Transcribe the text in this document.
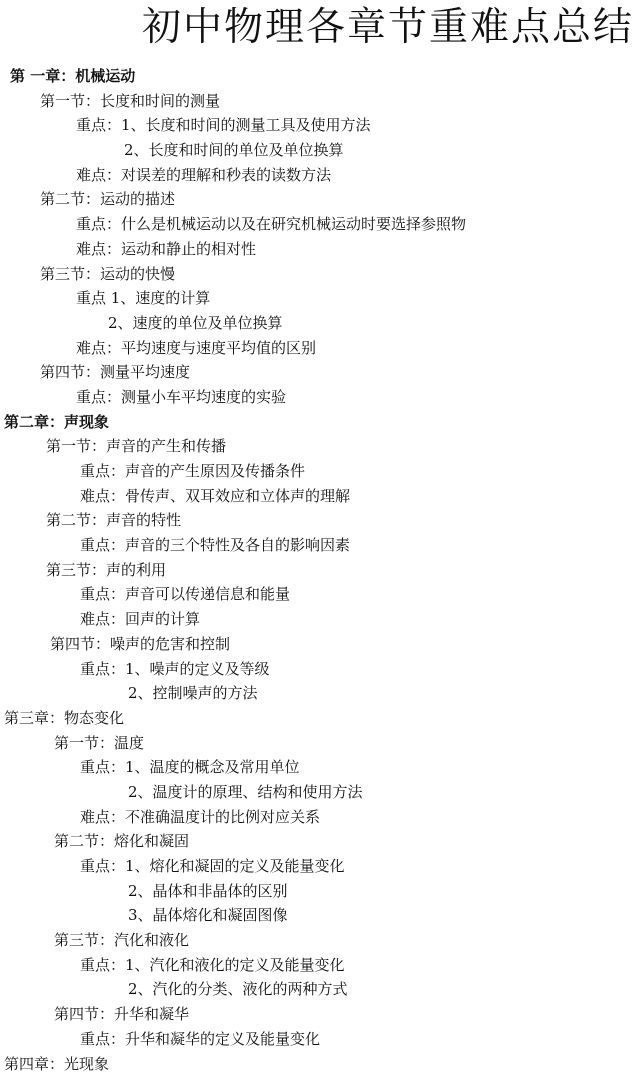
初中物理各章节重难点总结
第 一章：机械运动
第一节：长度和时间的测量
重点：1、长度和时间的测量工具及使用方法
2、长度和时间的单位及单位换算
难点：对误差的理解和秒表的读数方法
第二节：运动的描述
重点：什么是机械运动以及在研究机械运动时要选择参照物
难点：运动和静止的相对性
第三节：运动的快慢
重点 1、速度的计算
2、速度的单位及单位换算
难点：平均速度与速度平均值的区别
第四节：测量平均速度
重点：测量小车平均速度的实验
第二章：声现象
第一节：声音的产生和传播
重点：声音的产生原因及传播条件
难点：骨传声、双耳效应和立体声的理解
第二节：声音的特性
重点：声音的三个特性及各自的影响因素
第三节：声的利用
重点：声音可以传递信息和能量
难点：回声的计算
第四节：噪声的危害和控制
重点：1、噪声的定义及等级
2、控制噪声的方法
第三章：物态变化
第一节：温度
重点：1、温度的概念及常用单位
2、温度计的原理、结构和使用方法
难点：不准确温度计的比例对应关系
第二节：熔化和凝固
重点：1、熔化和凝固的定义及能量变化
2、晶体和非晶体的区别
3、晶体熔化和凝固图像
第三节：汽化和液化
重点：1、汽化和液化的定义及能量变化
2、汽化的分类、液化的两种方式
第四节：升华和凝华
重点：升华和凝华的定义及能量变化
第四章：光现象
